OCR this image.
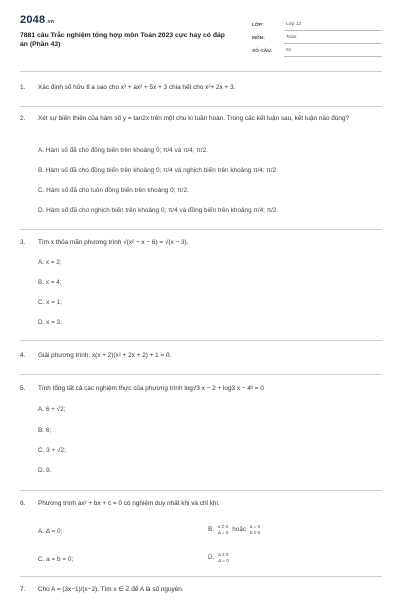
2048.vn
7881 câu Trắc nghiệm tổng hợp môn Toán 2023 cực hay có đáp án (Phần 43)
LỚP:	Lớp 12
MÔN:	Toán
SỐ CÂU:	51
1.	Xác định số hữu tỉ a sao cho x³ + ax² + 5x + 3 chia hết cho x²+ 2x + 3.
2.	Xét sự biến thiên của hàm số y = tan2x trên một chu kì tuần hoàn. Trong các kết luận sau, kết luận nào đúng?
A. Hàm số đã cho đồng biến trên khoảng 0; π/4 và π/4; π/2.
B. Hàm số đã cho đồng biến trên khoảng 0; π/4 và nghịch biến trên khoảng π/4; π/2
C. Hàm số đã cho luôn đồng biến trên khoảng 0; π/2.
D. Hàm số đã cho nghịch biến trên khoảng 0; π/4 và đồng biến trên khoảng π/4; π/2
3.	Tìm x thỏa mãn phương trình √(x² − x − 6) = √(x − 3).
A. x = 2;
B. x = 4;
C. x = 1;
D. x = 3.
4.	Giải phương trình: x(x + 2)(x² + 2x + 2) + 1 = 0.
5.	Tính tổng tất cả các nghiệm thực của phương trình log√3 x − 2 + log3 x − 4² = 0
A. 6 + √2;
B. 6;
C. 3 + √2;
D. 9.
6.	Phương trình ax² + bx + c = 0 có nghiệm duy nhất khi và chỉ khi:
A. Δ = 0;	B. a ≠ 0
Δ = 0 hoặc a = 0
b ≠ 0
C. a = b = 0;	D. a ≠ 0
Δ = 0
7.	Cho A = (3x−1)/(x−2). Tìm x ∈ Z để A là số nguyên.
